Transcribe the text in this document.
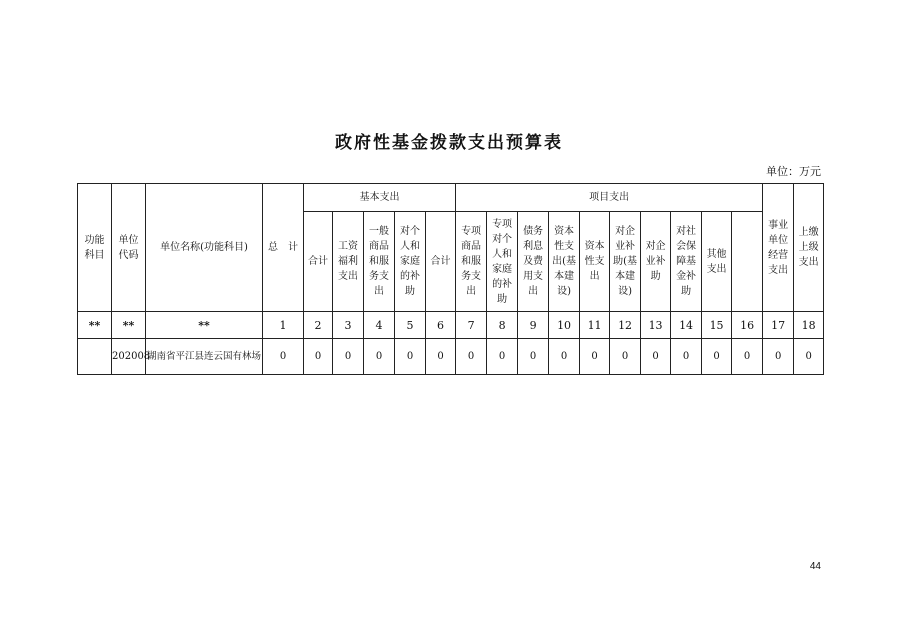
政府性基金拨款支出预算表
单位：万元
功能科目	单位代码	单位名称(功能科目)	总　计	基本支出					项目支出										事业单位经营支出	上缴上级支出	
				合计	工资福利支出	一般商品和服务支出	对个人和家庭的补助	合计	专项商品和服务支出	专项对个人和家庭的补助	债务利息及费用支出	资本性支出(基本建设)	资本性支出	对企业补助(基本建设)	对企业补助	对社会保障基金补助	其他支出				
**	**	**	1	2	3	4	5	6	7	8	9	10	11	12	13	14	15	16	17	18	
	202008	湖南省平江县连云国有林场	0	0	0	0	0	0	0	0	0	0	0	0	0	0	0	0	0	0	
44
